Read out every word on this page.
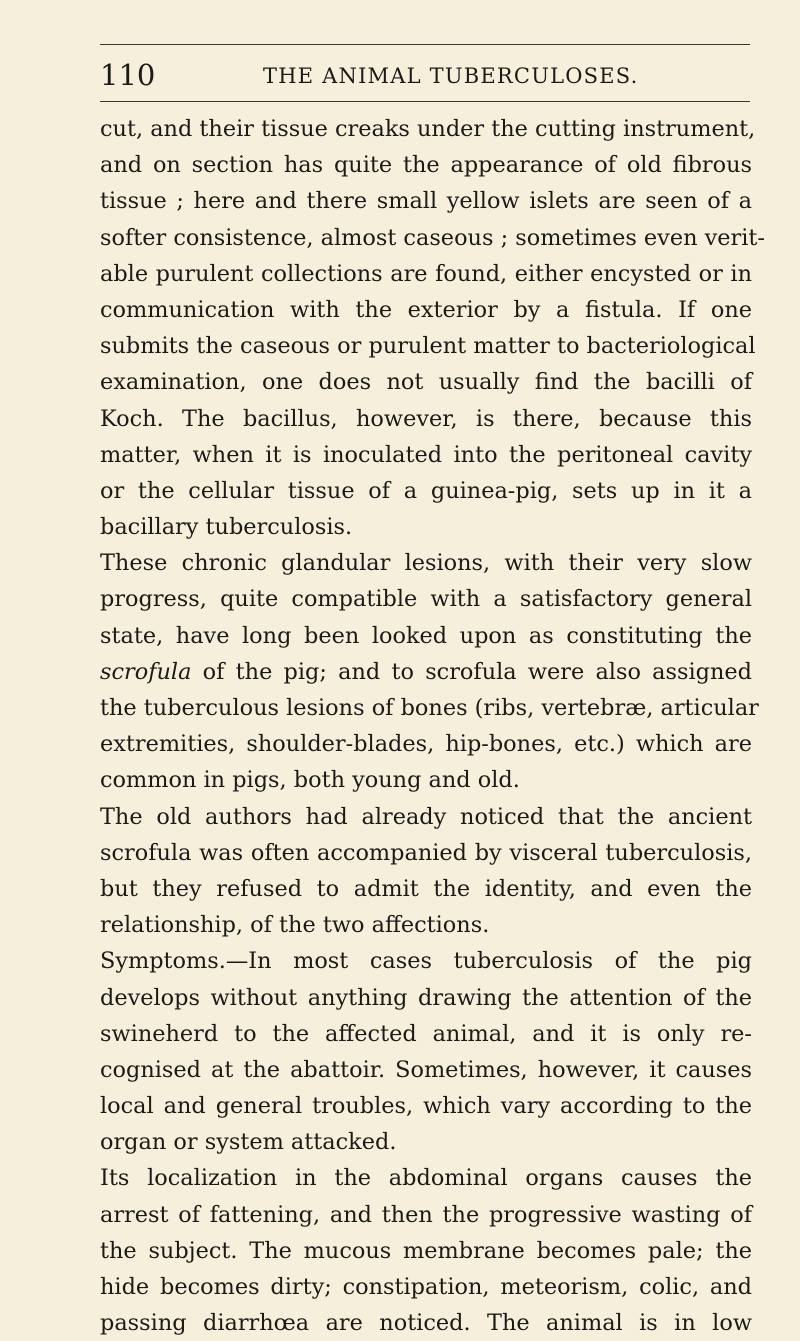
110	THE ANIMAL TUBERCULOSES.
cut, and their tissue creaks under the cutting instrument,
and on section has quite the appearance of old fibrous
tissue ; here and there small yellow islets are seen of a
softer consistence, almost caseous ; sometimes even verit-
able purulent collections are found, either encysted or in
communication with the exterior by a fistula. If one
submits the caseous or purulent matter to bacteriological
examination, one does not usually find the bacilli of
Koch. The bacillus, however, is there, because this
matter, when it is inoculated into the peritoneal cavity
or the cellular tissue of a guinea-pig, sets up in it a
bacillary tuberculosis.
These chronic glandular lesions, with their very slow
progress, quite compatible with a satisfactory general
state, have long been looked upon as constituting the
scrofula of the pig; and to scrofula were also assigned
the tuberculous lesions of bones (ribs, vertebræ, articular
extremities, shoulder-blades, hip-bones, etc.) which are
common in pigs, both young and old.
The old authors had already noticed that the ancient
scrofula was often accompanied by visceral tuberculosis,
but they refused to admit the identity, and even the
relationship, of the two affections.
Symptoms.—In most cases tuberculosis of the pig
develops without anything drawing the attention of the
swineherd to the affected animal, and it is only re-
cognised at the abattoir. Sometimes, however, it causes
local and general troubles, which vary according to the
organ or system attacked.
Its localization in the abdominal organs causes the
arrest of fattening, and then the progressive wasting of
the subject. The mucous membrane becomes pale; the
hide becomes dirty; constipation, meteorism, colic, and
passing diarrhœa are noticed. The animal is in low
